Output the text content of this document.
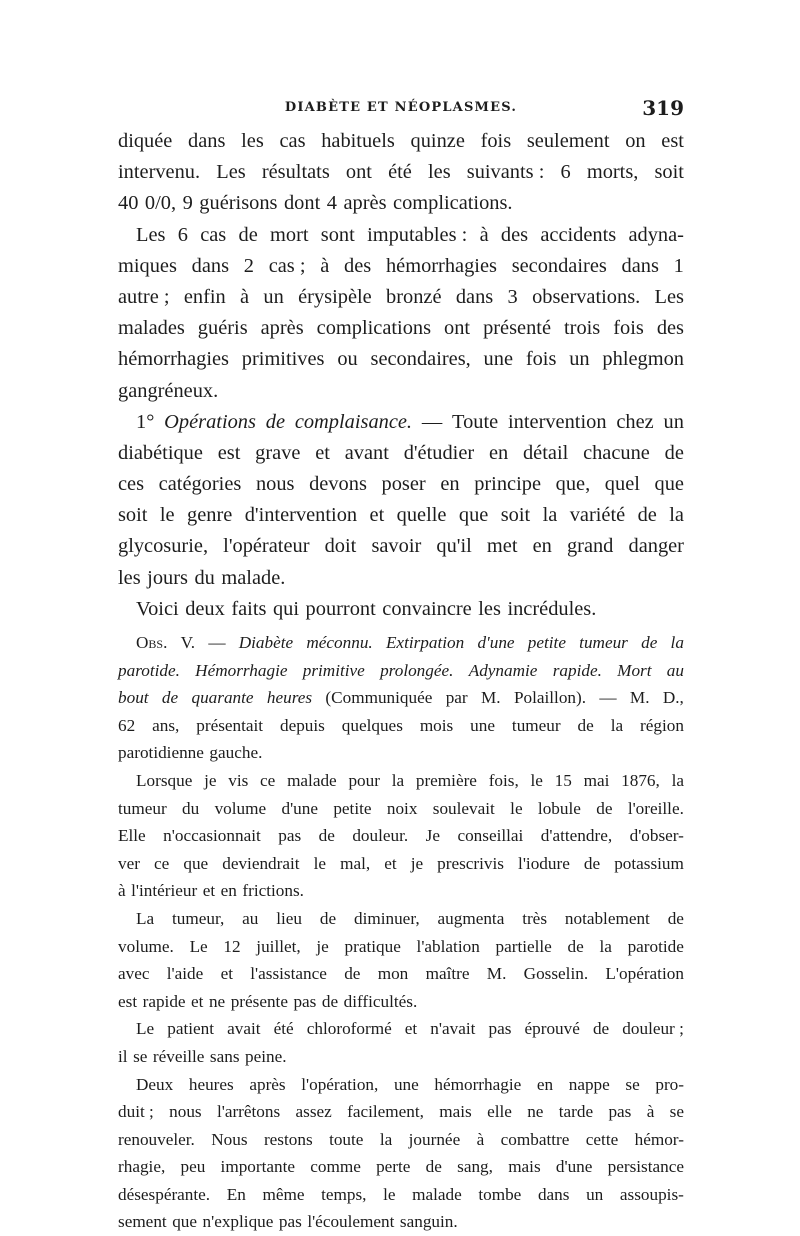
DIABÈTE ET NÉOPLASMES.	319
diquée dans les cas habituels quinze fois seulement on est
intervenu. Les résultats ont été les suivants : 6 morts, soit
40 0/0, 9 guérisons dont 4 après complications.
Les 6 cas de mort sont imputables : à des accidents adyna-
miques dans 2 cas ; à des hémorrhagies secondaires dans 1
autre ; enfin à un érysipèle bronzé dans 3 observations. Les
malades guéris après complications ont présenté trois fois des
hémorrhagies primitives ou secondaires, une fois un phlegmon
gangréneux.
1° Opérations de complaisance. — Toute intervention chez un
diabétique est grave et avant d'étudier en détail chacune de
ces catégories nous devons poser en principe que, quel que
soit le genre d'intervention et quelle que soit la variété de la
glycosurie, l'opérateur doit savoir qu'il met en grand danger
les jours du malade.
Voici deux faits qui pourront convaincre les incrédules.
Obs. V. — Diabète méconnu. Extirpation d'une petite tumeur de la
parotide. Hémorrhagie primitive prolongée. Adynamie rapide. Mort au
bout de quarante heures (Communiquée par M. Polaillon). — M. D.,
62 ans, présentait depuis quelques mois une tumeur de la région
parotidienne gauche.
Lorsque je vis ce malade pour la première fois, le 15 mai 1876, la
tumeur du volume d'une petite noix soulevait le lobule de l'oreille.
Elle n'occasionnait pas de douleur. Je conseillai d'attendre, d'obser-
ver ce que deviendrait le mal, et je prescrivis l'iodure de potassium
à l'intérieur et en frictions.
La tumeur, au lieu de diminuer, augmenta très notablement de
volume. Le 12 juillet, je pratique l'ablation partielle de la parotide
avec l'aide et l'assistance de mon maître M. Gosselin. L'opération
est rapide et ne présente pas de difficultés.
Le patient avait été chloroformé et n'avait pas éprouvé de douleur ;
il se réveille sans peine.
Deux heures après l'opération, une hémorrhagie en nappe se pro-
duit ; nous l'arrêtons assez facilement, mais elle ne tarde pas à se
renouveler. Nous restons toute la journée à combattre cette hémor-
rhagie, peu importante comme perte de sang, mais d'une persistance
désespérante. En même temps, le malade tombe dans un assoupis-
sement que n'explique pas l'écoulement sanguin.
